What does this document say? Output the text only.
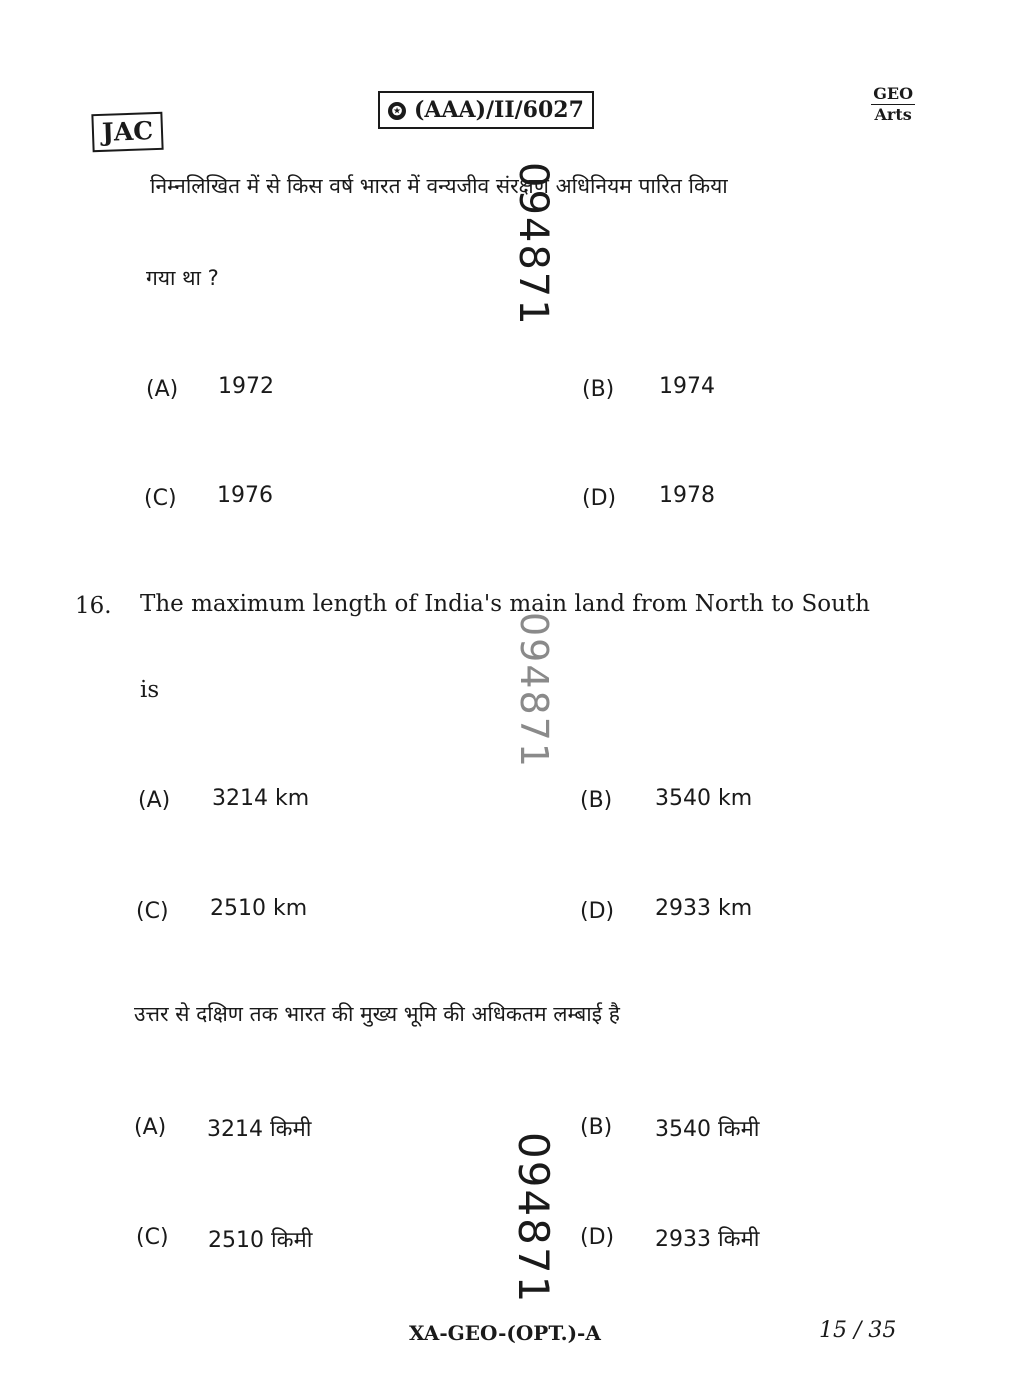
JAC
✪ (AAA)/II/6027
GEO
Arts
निम्नलिखित में से किस वर्ष भारत में वन्यजीव संरक्षण अधिनियम पारित किया
गया था ?
(A) 1972	(B) 1974
(C) 1976	(D) 1978
16. The maximum length of India's main land from North to South
is
(A) 3214 km	(B) 3540 km
(C) 2510 km	(D) 2933 km
उत्तर से दक्षिण तक भारत की मुख्य भूमि की अधिकतम लम्बाई है
(A) 3214 किमी	(B) 3540 किमी
(C) 2510 किमी	(D) 2933 किमी
094871
094871
094871
XA-GEO-(OPT.)-A	15 / 35
